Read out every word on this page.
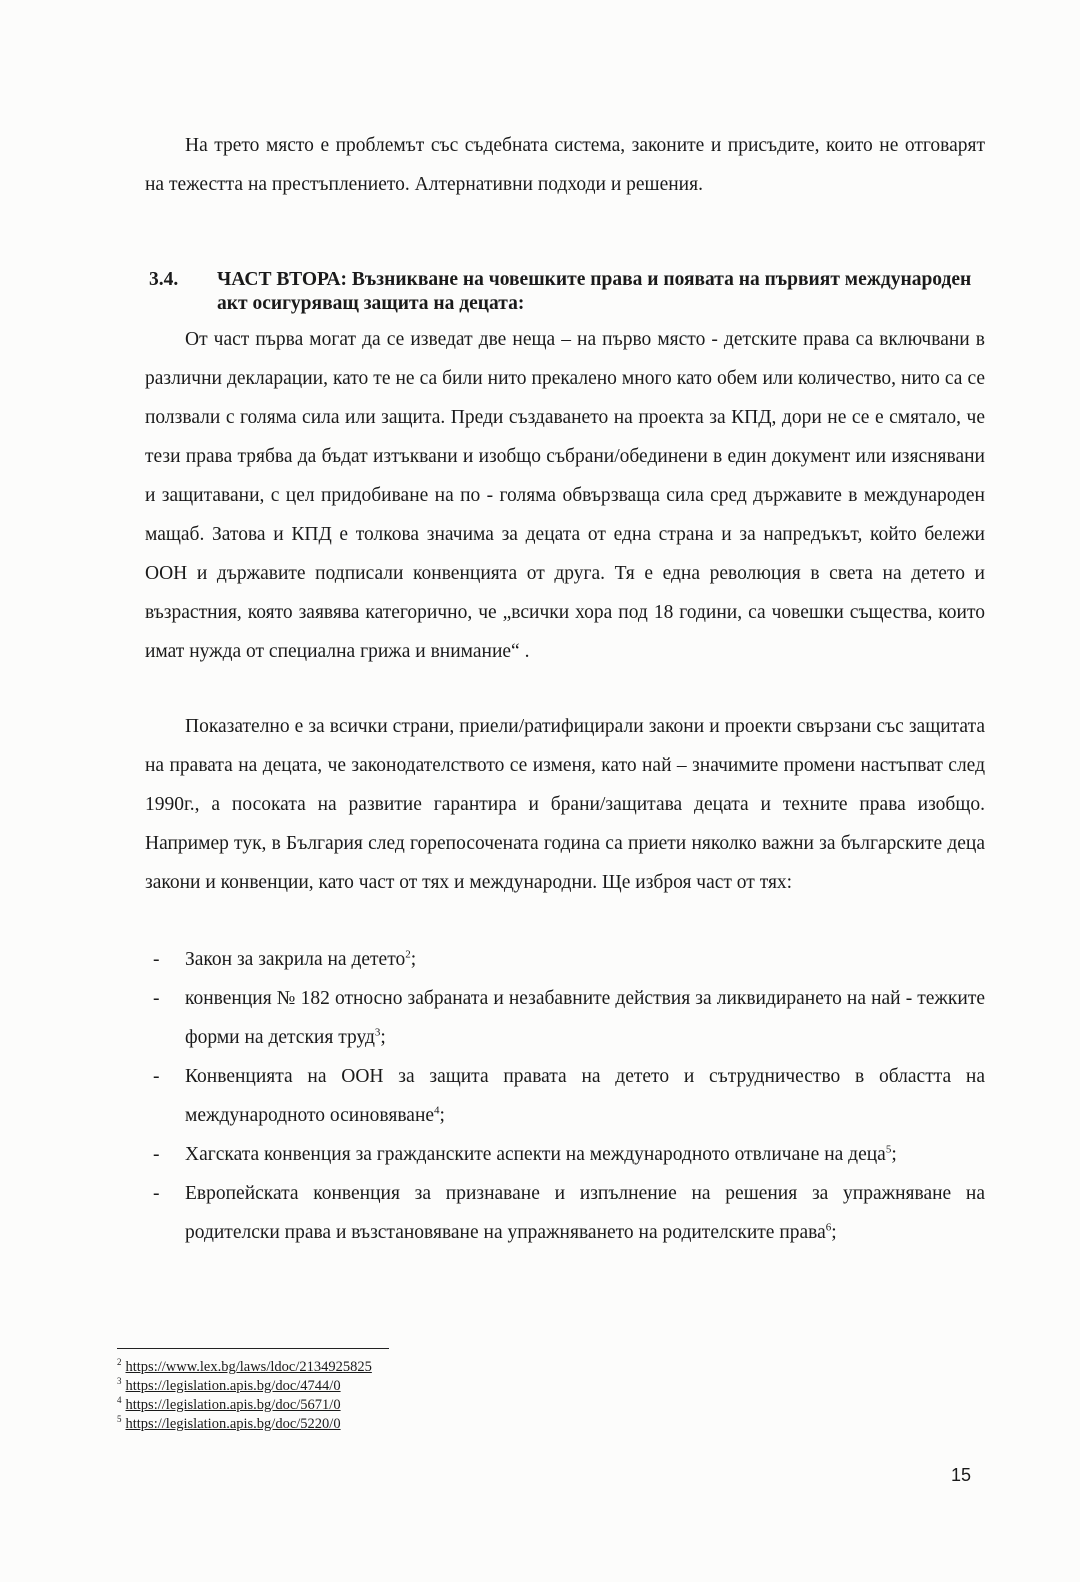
На трето място е проблемът със съдебната система, законите и присъдите, които не отговарят на тежестта на престъплението. Алтернативни подходи и решения.

3.4. ЧАСТ ВТОРА: Възникване на човешките права и появата на първият международен акт осигуряващ защита на децата:

От част първа могат да се изведат две неща – на първо място - детските права са включвани в различни декларации, като те не са били нито прекалено много като обем или количество, нито са се ползвали с голяма сила или защита. Преди създаването на проекта за КПД, дори не се е смятало, че тези права трябва да бъдат изтъквани и изобщо събрани/обединени в един документ или изяснявани и защитавани, с цел придобиване на по - голяма обвързваща сила сред държавите в международен мащаб. Затова и КПД е толкова значима за децата от една страна и за напредъкът, който бележи ООН и държавите подписали конвенцията от друга. Тя е една революция в света на детето и възрастния, която заявява категорично, че „всички хора под 18 години, са човешки същества, които имат нужда от специална грижа и внимание“ .

Показателно е за всички страни, приели/ратифицирали закони и проекти свързани със защитата на правата на децата, че законодателството се изменя, като най – значимите промени настъпват след 1990г., а посоката на развитие гарантира и брани/защитава децата и техните права изобщо. Например тук, в България след горепосочената година са приети няколко важни за българските деца закони и конвенции, като част от тях и международни. Ще изброя част от тях:

- Закон за закрила на детето$^2$;
- конвенция № 182 относно забраната и незабавните действия за ликвидирането на най - тежките форми на детския труд$^3$;
- Конвенцията на ООН за защита правата на детето и сътрудничество в областта на международното осиновяване$^4$;
- Хагската конвенция за гражданските аспекти на международното отвличане на деца$^5$;
- Европейската конвенция за признаване и изпълнение на решения за упражняване на родителски права и възстановяване на упражняването на родителските права$^6$;
$^2$ https://www.lex.bg/laws/ldoc/2134925825
$^3$ https://legislation.apis.bg/doc/4744/0
$^4$ https://legislation.apis.bg/doc/5671/0
$^5$ https://legislation.apis.bg/doc/5220/0
15
